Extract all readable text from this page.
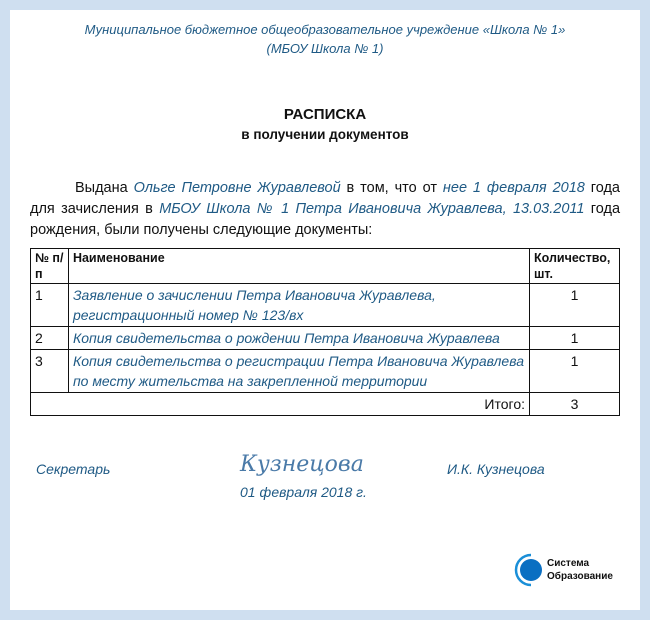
Муниципальное бюджетное общеобразовательное учреждение «Школа № 1»
(МБОУ Школа № 1)
РАСПИСКА
в получении документов
Выдана Ольге Петровне Журавлевой в том, что от нее 1 февраля 2018 года для зачисления в МБОУ Школа № 1 Петра Ивановича Журавлева, 13.03.2011 года рождения, были получены следующие документы:
№ п/п	Наименование	Количество, шт.
1	Заявление о зачислении Петра Ивановича Журавлева, регистрационный номер № 123/вх	1
2	Копия свидетельства о рождении Петра Ивановича Журавлева	1
3	Копия свидетельства о регистрации Петра Ивановича Журавлева по месту жительства на закрепленной территории	1
Итого:		3
Секретарь	Кузнецова
01 февраля 2018 г.
И.К. Кузнецова
Система
Образование
